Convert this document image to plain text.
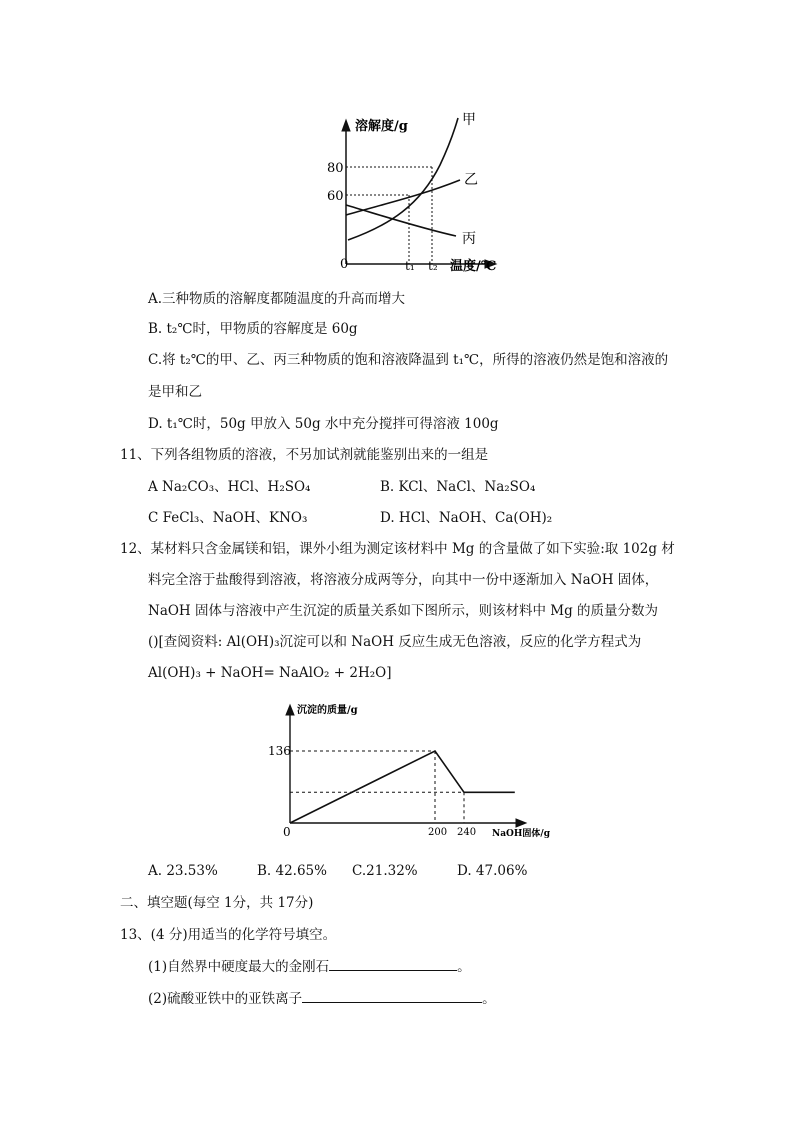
溶解度/g
80
60
0	t₁ t₂ 温度/℃
甲
乙
丙
A.三种物质的溶解度都随温度的升高而增大
B. t₂℃时，甲物质的容解度是 60g
C.将 t₂℃的甲、乙、丙三种物质的饱和溶液降温到 t₁℃，所得的溶液仍然是饱和溶液的
是甲和乙
D. t₁℃时，50g 甲放入 50g 水中充分搅拌可得溶液 100g
11、下列各组物质的溶液，不另加试剂就能鉴别出来的一组是
A Na₂CO₃、HCl、H₂SO₄	B. KCl、NaCl、Na₂SO₄
C FeCl₃、NaOH、KNO₃	D. HCl、NaOH、Ca(OH)₂
12、某材料只含金属镁和铝，课外小组为测定该材料中 Mg 的含量做了如下实验:取 102g 材
料完全溶于盐酸得到溶液，将溶液分成两等分，向其中一份中逐渐加入 NaOH 固体，
NaOH 固体与溶液中产生沉淀的质量关系如下图所示，则该材料中 Mg 的质量分数为
()[查阅资料: Al(OH)₃沉淀可以和 NaOH 反应生成无色溶液，反应的化学方程式为
Al(OH)₃ + NaOH= NaAlO₂ + 2H₂O]
沉淀的质量/g
136
0	200 240 NaOH固体/g
A. 23.53%	B. 42.65% C.21.32%	D. 47.06%
二、填空题(每空 1分，共 17分)
13、(4 分)用适当的化学符号填空。
(1)自然界中硬度最大的金刚石	。
(2)硫酸亚铁中的亚铁离子	。
